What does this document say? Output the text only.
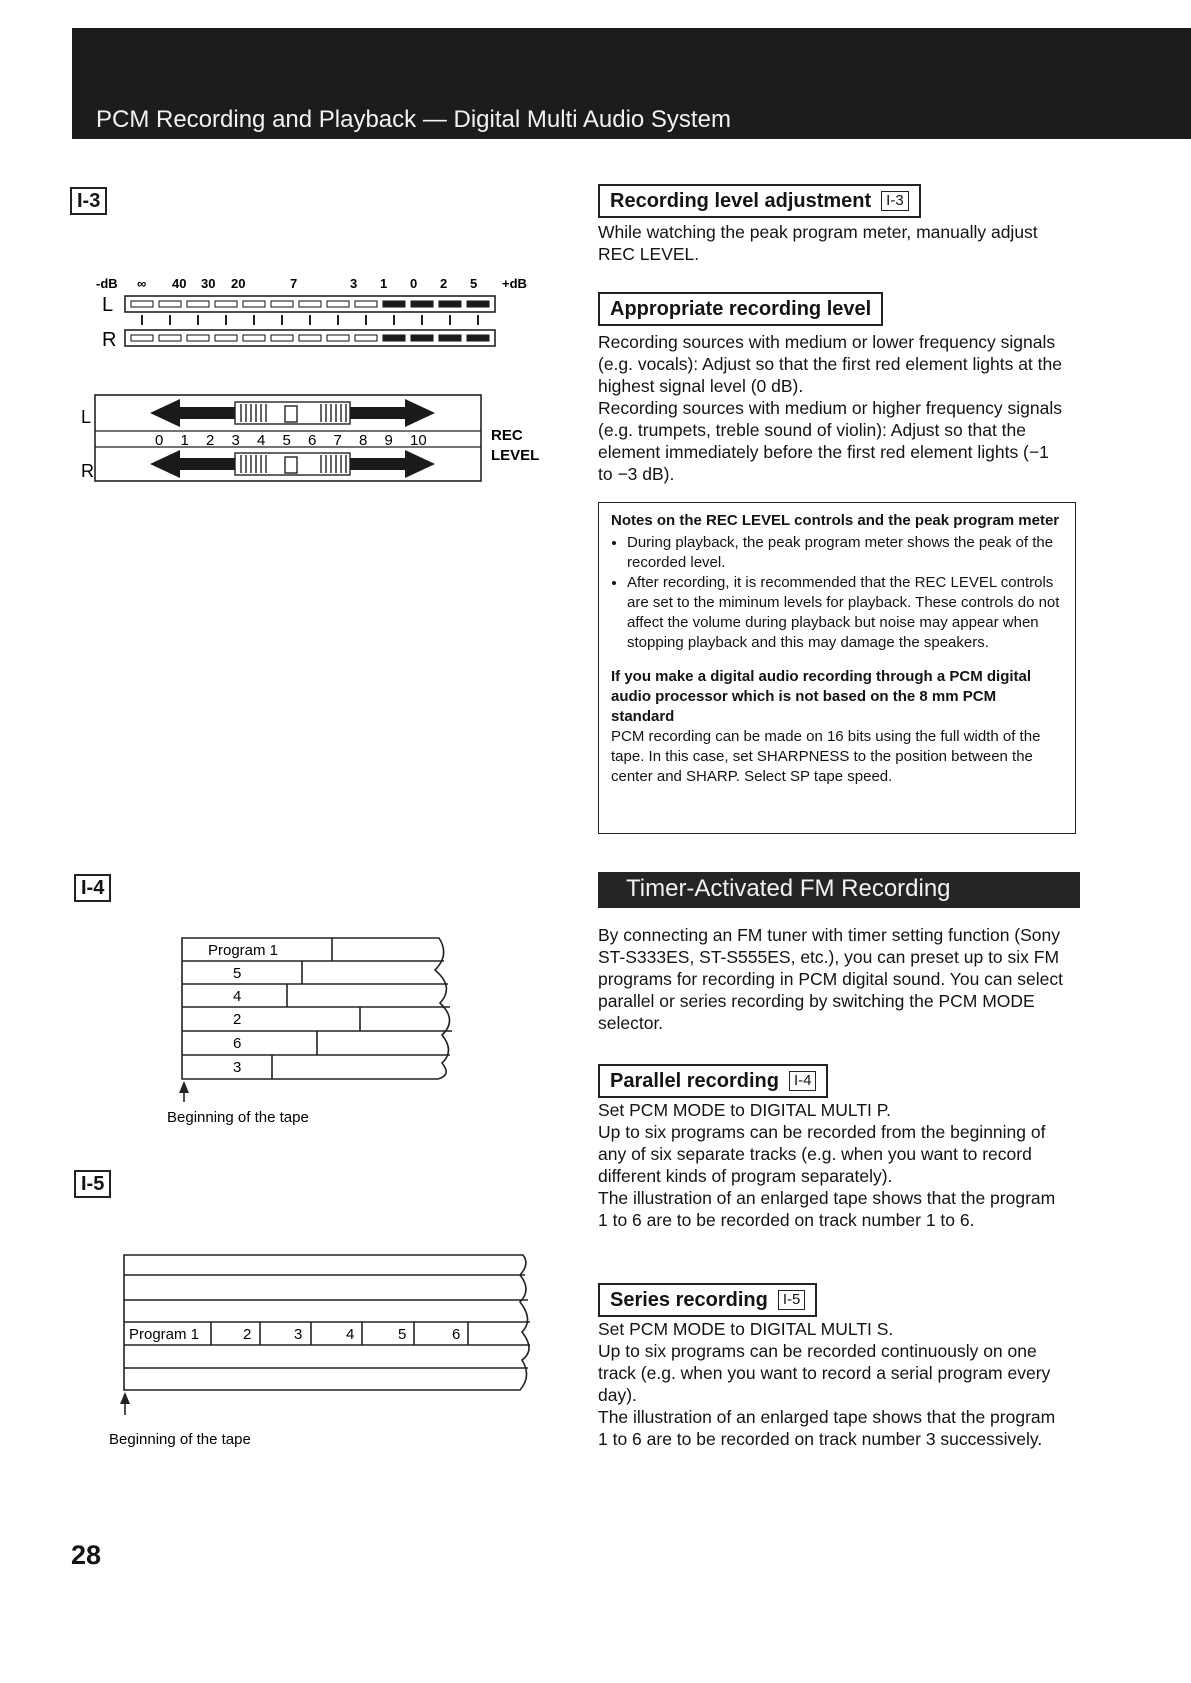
PCM Recording and Playback — Digital Multi Audio System
I-3
-dB ∞ 40 30 20	7	3 1 0 2 5 +dB
L
R
L
R
0 1 2 3 4 5 6 7 8 9 10	REC
LEVEL
I-4
Program 1
5
4
2
6
3
Beginning of the tape
I-5
Program 1	2	3	4	5	6
Beginning of the tape
Recording level adjustment I-3

While watching the peak program meter, manually adjust REC LEVEL.

Appropriate recording level

Recording sources with medium or lower frequency signals (e.g. vocals): Adjust so that the first red element lights at the highest signal level (0 dB).

Recording sources with medium or higher frequency signals (e.g. trumpets, treble sound of violin): Adjust so that the element immediately before the first red element lights (−1 to −3 dB).

Notes on the REC LEVEL controls and the peak program meter
• During playback, the peak program meter shows the peak of the recorded level.
• After recording, it is recommended that the REC LEVEL controls are set to the miminum levels for playback. These controls do not affect the volume during playback but noise may appear when stopping playback and this may damage the speakers.
If you make a digital audio recording through a PCM digital audio processor which is not based on the 8 mm PCM standard

PCM recording can be made on 16 bits using the full width of the tape. In this case, set SHARPNESS to the position between the center and SHARP. Select SP tape speed.

Timer-Activated FM Recording

By connecting an FM tuner with timer setting function (Sony ST-S333ES, ST-S555ES, etc.), you can preset up to six FM programs for recording in PCM digital sound. You can select parallel or series recording by switching the PCM MODE selector.

Parallel recording I-4

Set PCM MODE to DIGITAL MULTI P.

Up to six programs can be recorded from the beginning of any of six separate tracks (e.g. when you want to record different kinds of program separately).

The illustration of an enlarged tape shows that the program 1 to 6 are to be recorded on track number 1 to 6.

Series recording I-5

Set PCM MODE to DIGITAL MULTI S.

Up to six programs can be recorded continuously on one track (e.g. when you want to record a serial program every day).

The illustration of an enlarged tape shows that the program 1 to 6 are to be recorded on track number 3 successively.

28
